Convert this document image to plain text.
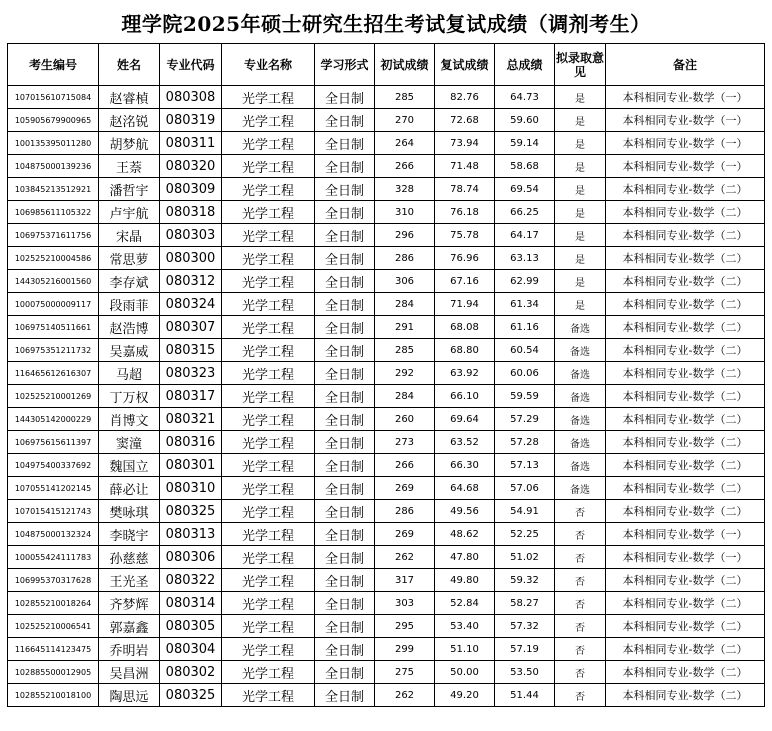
理学院2025年硕士研究生招生考试复试成绩（调剂考生）
考生编号	姓名	专业代码	专业名称	学习形式	初试成绩	复试成绩	总成绩	拟录取意见	备注
107015610715084	赵睿楨	080308	光学工程	全日制	285	82.76	64.73	是	本科相同专业-数学（一）
105905679900965	赵洺锐	080319	光学工程	全日制	270	72.68	59.60	是	本科相同专业-数学（一）
100135395011280	胡梦航	080311	光学工程	全日制	264	73.94	59.14	是	本科相同专业-数学（一）
104875000139236	王萘	080320	光学工程	全日制	266	71.48	58.68	是	本科相同专业-数学（一）
103845213512921	潘哲宇	080309	光学工程	全日制	328	78.74	69.54	是	本科相同专业-数学（二）
106985611105322	卢宇航	080318	光学工程	全日制	310	76.18	66.25	是	本科相同专业-数学（二）
106975371611756	宋晶	080303	光学工程	全日制	296	75.78	64.17	是	本科相同专业-数学（二）
102525210004586	常思萝	080300	光学工程	全日制	286	76.96	63.13	是	本科相同专业-数学（二）
144305216001560	李存斌	080312	光学工程	全日制	306	67.16	62.99	是	本科相同专业-数学（二）
100075000009117	段雨菲	080324	光学工程	全日制	284	71.94	61.34	是	本科相同专业-数学（二）
106975140511661	赵浩博	080307	光学工程	全日制	291	68.08	61.16	备选	本科相同专业-数学（二）
106975351211732	吴嘉威	080315	光学工程	全日制	285	68.80	60.54	备选	本科相同专业-数学（二）
116465612616307	马超	080323	光学工程	全日制	292	63.92	60.06	备选	本科相同专业-数学（二）
102525210001269	丁万权	080317	光学工程	全日制	284	66.10	59.59	备选	本科相同专业-数学（二）
144305142000229	肖博文	080321	光学工程	全日制	260	69.64	57.29	备选	本科相同专业-数学（二）
106975615611397	窦潼	080316	光学工程	全日制	273	63.52	57.28	备选	本科相同专业-数学（二）
104975400337692	魏国立	080301	光学工程	全日制	266	66.30	57.13	备选	本科相同专业-数学（二）
107055141202145	薛必让	080310	光学工程	全日制	269	64.68	57.06	备选	本科相同专业-数学（二）
107015415121743	樊咏琪	080325	光学工程	全日制	286	49.56	54.91	否	本科相同专业-数学（二）
104875000132324	李晓宇	080313	光学工程	全日制	269	48.62	52.25	否	本科相同专业-数学（一）
100055424111783	孙慈慈	080306	光学工程	全日制	262	47.80	51.02	否	本科相同专业-数学（一）
106995370317628	王光圣	080322	光学工程	全日制	317	49.80	59.32	否	本科相同专业-数学（二）
102855210018264	齐梦辉	080314	光学工程	全日制	303	52.84	58.27	否	本科相同专业-数学（二）
102525210006541	郭嘉鑫	080305	光学工程	全日制	295	53.40	57.32	否	本科相同专业-数学（二）
116645114123475	乔明岩	080304	光学工程	全日制	299	51.10	57.19	否	本科相同专业-数学（二）
102885500012905	吴昌洲	080302	光学工程	全日制	275	50.00	53.50	否	本科相同专业-数学（二）
102855210018100	陶思远	080325	光学工程	全日制	262	49.20	51.44	否	本科相同专业-数学（二）
